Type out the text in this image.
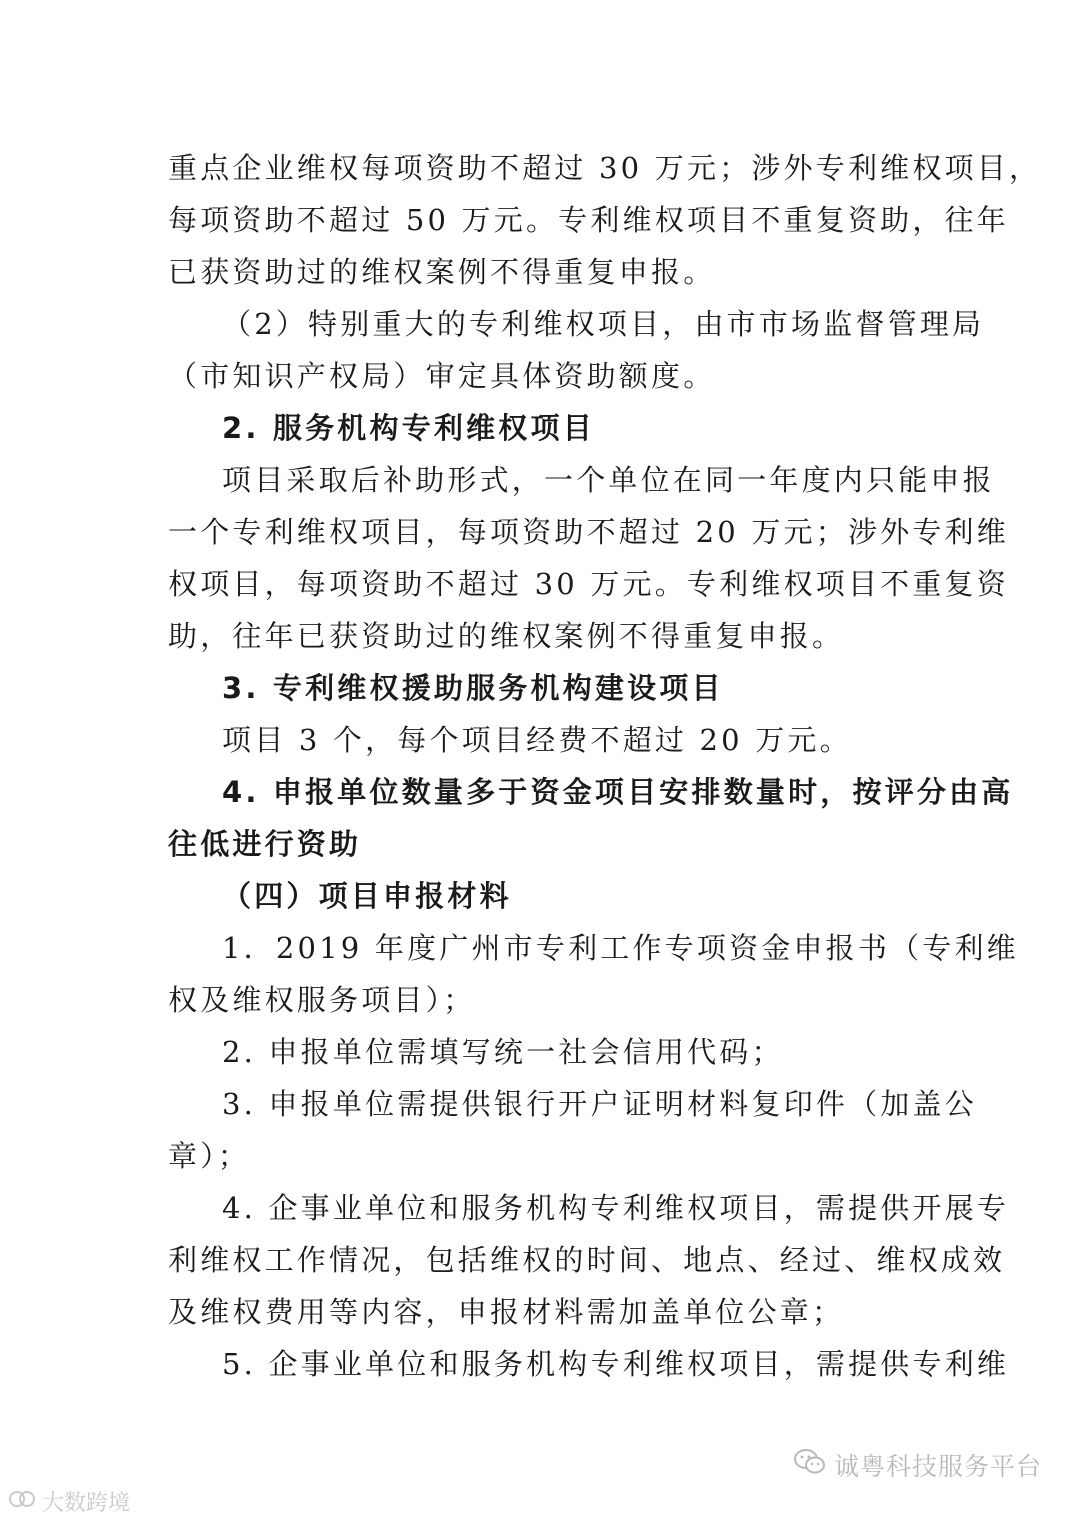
重点企业维权每项资助不超过 30 万元；涉外专利维权项目，
每项资助不超过 50 万元。专利维权项目不重复资助，往年
已获资助过的维权案例不得重复申报。
（2）特别重大的专利维权项目，由市市场监督管理局
（市知识产权局）审定具体资助额度。
2. 服务机构专利维权项目
项目采取后补助形式，一个单位在同一年度内只能申报
一个专利维权项目，每项资助不超过 20 万元；涉外专利维
权项目，每项资助不超过 30 万元。专利维权项目不重复资
助，往年已获资助过的维权案例不得重复申报。
3. 专利维权援助服务机构建设项目
项目 3 个，每个项目经费不超过 20 万元。
4. 申报单位数量多于资金项目安排数量时，按评分由高
往低进行资助
（四）项目申报材料
1．2019 年度广州市专利工作专项资金申报书（专利维
权及维权服务项目）；
2. 申报单位需填写统一社会信用代码；
3. 申报单位需提供银行开户证明材料复印件（加盖公
章）；
4. 企事业单位和服务机构专利维权项目，需提供开展专
利维权工作情况，包括维权的时间、地点、经过、维权成效
及维权费用等内容，申报材料需加盖单位公章；
5. 企事业单位和服务机构专利维权项目，需提供专利维
诚粤科技服务平台
大数跨境
